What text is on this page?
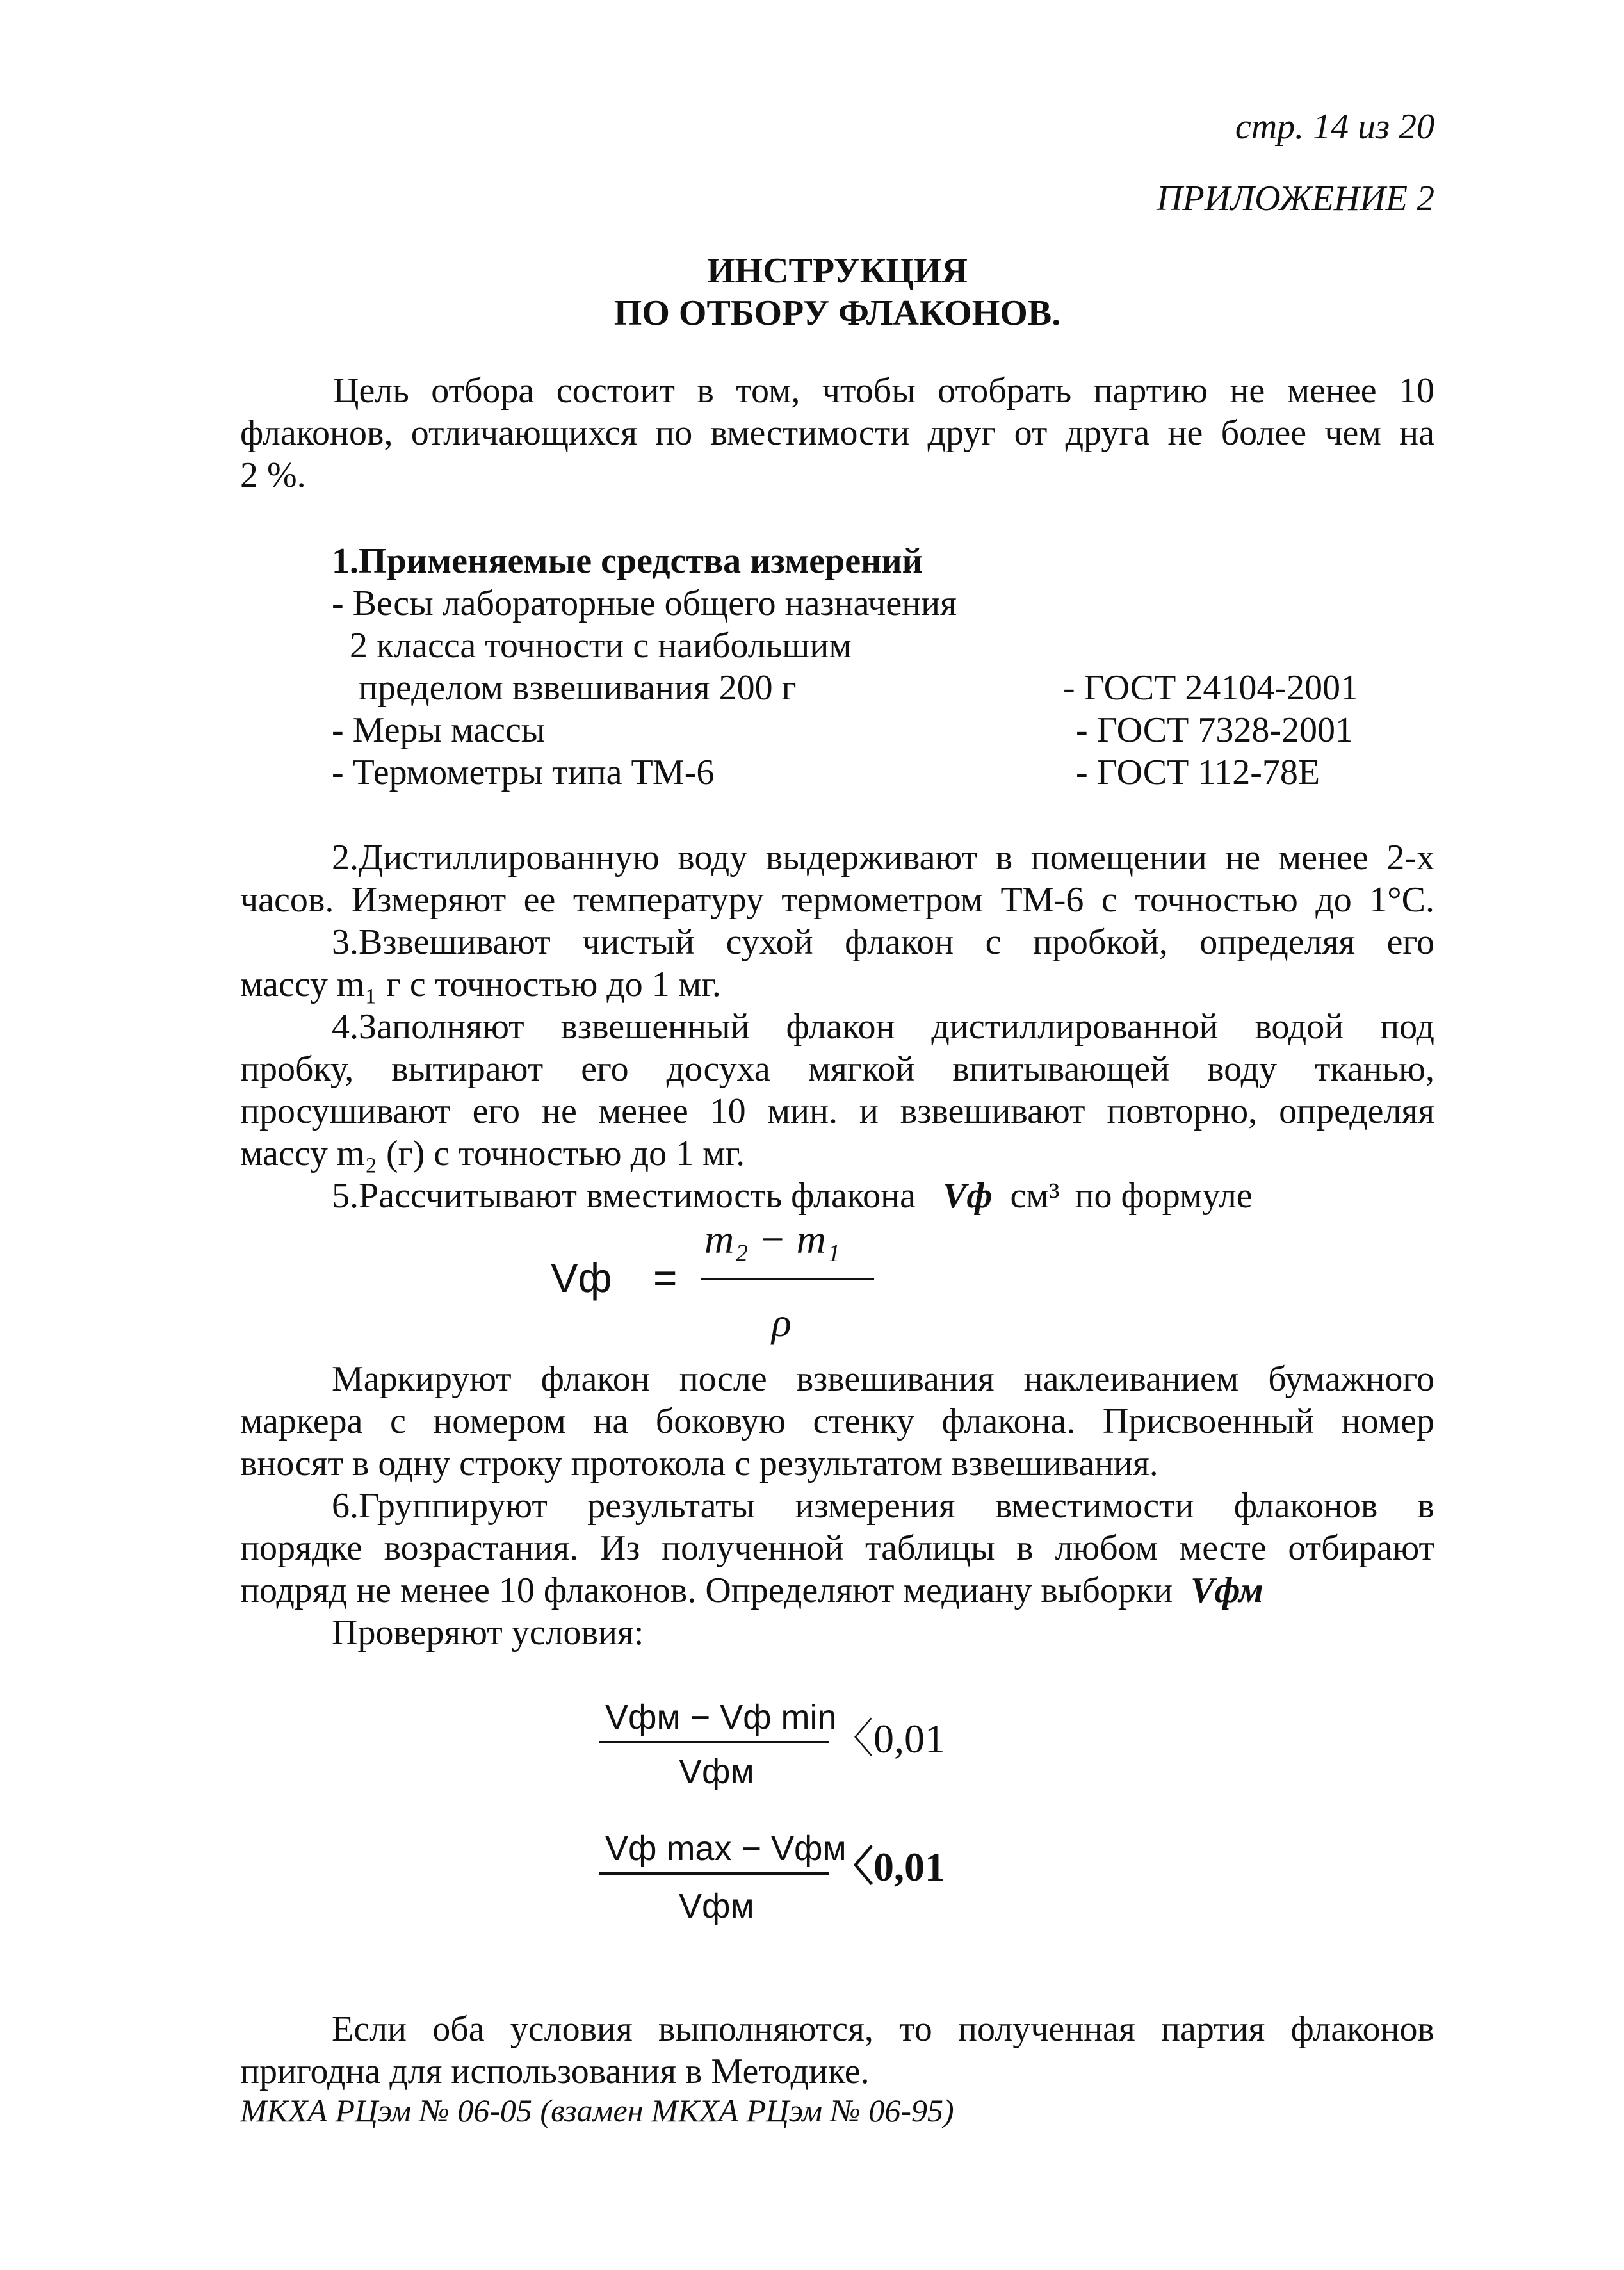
стр. 14 из 20
ПРИЛОЖЕНИЕ 2
ИНСТРУКЦИЯ
ПО ОТБОРУ ФЛАКОНОВ.
Цель отбора состоит в том, чтобы отобрать партию не менее 10
флаконов, отличающихся по вместимости друг от друга не более чем на
2 %.
1.Применяемые средства измерений
- Весы лабораторные общего назначения
2 класса точности с наибольшим
пределом взвешивания 200 г	- ГОСТ 24104-2001
- Меры массы	- ГОСТ 7328-2001
- Термометры типа ТМ-6	- ГОСТ 112-78Е
2.Дистиллированную воду выдерживают в помещении не менее 2-х
часов. Измеряют ее температуру термометром ТМ-6 с точностью до 1°С.
3.Взвешивают чистый сухой флакон с пробкой, определяя его
массу m₁ г с точностью до 1 мг.
4.Заполняют взвешенный флакон дистиллированной водой под
пробку, вытирают его досуха мягкой впитывающей воду тканью,
просушивают его не менее 10 мин. и взвешивают повторно, определяя
массу m₂ (г) с точностью до 1 мг.
5.Рассчитывают вместимость флакона Vф см³ по формуле
Vф =
m₂ − m₁
ρ
Маркируют флакон после взвешивания наклеиванием бумажного
маркера с номером на боковую стенку флакона. Присвоенный номер
вносят в одну строку протокола с результатом взвешивания.
6.Группируют результаты измерения вместимости флаконов в
порядке возрастания. Из полученной таблицы в любом месте отбирают
подряд не менее 10 флаконов. Определяют медиану выборки Vфм
Проверяют условия:
Vфм − Vф min
Vфм
〈0,01
Vф max − Vфм
Vфм
〈0,01
Если оба условия выполняются, то полученная партия флаконов
пригодна для использования в Методике.
МКХА РЦэм № 06-05 (взамен МКХА РЦэм № 06-95)
